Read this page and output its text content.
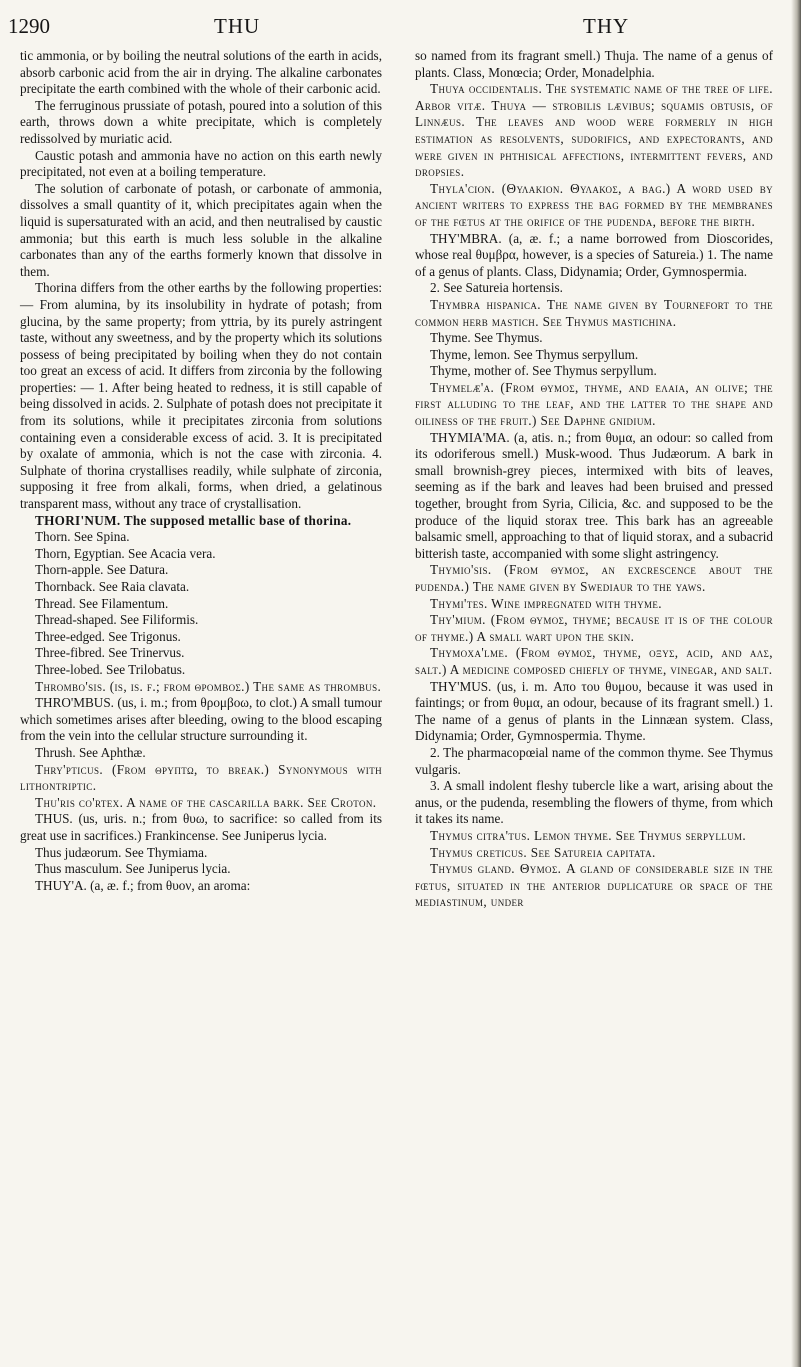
1290	THU	THY

tic ammonia, or by boiling the neutral solutions of the earth in acids, absorb carbonic acid from the air in drying. The alkaline carbonates precipitate the earth combined with the whole of their carbonic acid.

The ferruginous prussiate of potash, poured into a solution of this earth, throws down a white precipitate, which is completely redissolved by muriatic acid.

Caustic potash and ammonia have no action on this earth newly precipitated, not even at a boiling temperature.

The solution of carbonate of potash, or carbonate of ammonia, dissolves a small quantity of it, which precipitates again when the liquid is supersaturated with an acid, and then neutralised by caustic ammonia; but this earth is much less soluble in the alkaline carbonates than any of the earths formerly known that dissolve in them.

Thorina differs from the other earths by the following properties: — From alumina, by its insolubility in hydrate of potash; from glucina, by the same property; from yttria, by its purely astringent taste, without any sweetness, and by the property which its solutions possess of being precipitated by boiling when they do not contain too great an excess of acid. It differs from zirconia by the following properties: — 1. After being heated to redness, it is still capable of being dissolved in acids. 2. Sulphate of potash does not precipitate it from its solutions, while it precipitates zirconia from solutions containing even a considerable excess of acid. 3. It is precipitated by oxalate of ammonia, which is not the case with zirconia. 4. Sulphate of thorina crystallises readily, while sulphate of zirconia, supposing it free from alkali, forms, when dried, a gelatinous transparent mass, without any trace of crystallisation.

THORI'NUM. The supposed metallic base of thorina.

Thorn. See Spina.

Thorn, Egyptian. See Acacia vera.

Thorn-apple. See Datura.

Thornback. See Raia clavata.

Thread. See Filamentum.

Thread-shaped. See Filiformis.

Three-edged. See Trigonus.

Three-fibred. See Trinervus.

Three-lobed. See Trilobatus.

Thrombo'sis. (is, is. f.; from θρομβος.) The same as thrombus.

THRO'MBUS. (us, i. m.; from θρομβοω, to clot.) A small tumour which sometimes arises after bleeding, owing to the blood escaping from the vein into the cellular structure surrounding it.

Thrush. See Aphthæ.

Thry'pticus. (From θρυπτω, to break.) Synonymous with lithontriptic.

Thu'ris co'rtex. A name of the cascarilla bark. See Croton.

THUS. (us, uris. n.; from θυω, to sacrifice: so called from its great use in sacrifices.) Frankincense. See Juniperus lycia.

Thus judæorum. See Thymiama.

Thus masculum. See Juniperus lycia.

THUY'A. (a, æ. f.; from θυον, an aroma:

so named from its fragrant smell.) Thuja. The name of a genus of plants. Class, Monœcia; Order, Monadelphia.

Thuya occidentalis. The systematic name of the tree of life. Arbor vitæ. Thuya — strobilis lævibus; squamis obtusis, of Linnæus. The leaves and wood were formerly in high estimation as resolvents, sudorifics, and expectorants, and were given in phthisical affections, intermittent fevers, and dropsies.

Thyla'cion. (Θυλακιον. Θυλακος, a bag.) A word used by ancient writers to express the bag formed by the membranes of the fœtus at the orifice of the pudenda, before the birth.

THY'MBRA. (a, æ. f.; a name borrowed from Dioscorides, whose real θυμβρα, however, is a species of Satureia.) 1. The name of a genus of plants. Class, Didynamia; Order, Gymnospermia.

2. See Satureia hortensis.

Thymbra hispanica. The name given by Tournefort to the common herb mastich. See Thymus mastichina.

Thyme. See Thymus.

Thyme, lemon. See Thymus serpyllum.

Thyme, mother of. See Thymus serpyllum.

Thymelæ'a. (From θυμος, thyme, and ελαια, an olive; the first alluding to the leaf, and the latter to the shape and oiliness of the fruit.) See Daphne gnidium.

THYMIA'MA. (a, atis. n.; from θυμα, an odour: so called from its odoriferous smell.) Musk-wood. Thus Judæorum. A bark in small brownish-grey pieces, intermixed with bits of leaves, seeming as if the bark and leaves had been bruised and pressed together, brought from Syria, Cilicia, &c. and supposed to be the produce of the liquid storax tree. This bark has an agreeable balsamic smell, approaching to that of liquid storax, and a subacrid bitterish taste, accompanied with some slight astringency.

Thymio'sis. (From θυμος, an excrescence about the pudenda.) The name given by Swediaur to the yaws.

Thymi'tes. Wine impregnated with thyme.

Thy'mium. (From θυμος, thyme; because it is of the colour of thyme.) A small wart upon the skin.

Thymoxa'lme. (From θυμος, thyme, οξυς, acid, and αλς, salt.) A medicine composed chiefly of thyme, vinegar, and salt.

THY'MUS. (us, i. m. Απο του θυμου, because it was used in faintings; or from θυμα, an odour, because of its fragrant smell.) 1. The name of a genus of plants in the Linnæan system. Class, Didynamia; Order, Gymnospermia. Thyme.

2. The pharmacopœial name of the common thyme. See Thymus vulgaris.

3. A small indolent fleshy tubercle like a wart, arising about the anus, or the pudenda, resembling the flowers of thyme, from which it takes its name.

Thymus citra'tus. Lemon thyme. See Thymus serpyllum.

Thymus creticus. See Satureia capitata.

Thymus gland. Θυμος. A gland of considerable size in the fœtus, situated in the anterior duplicature or space of the mediastinum, under
